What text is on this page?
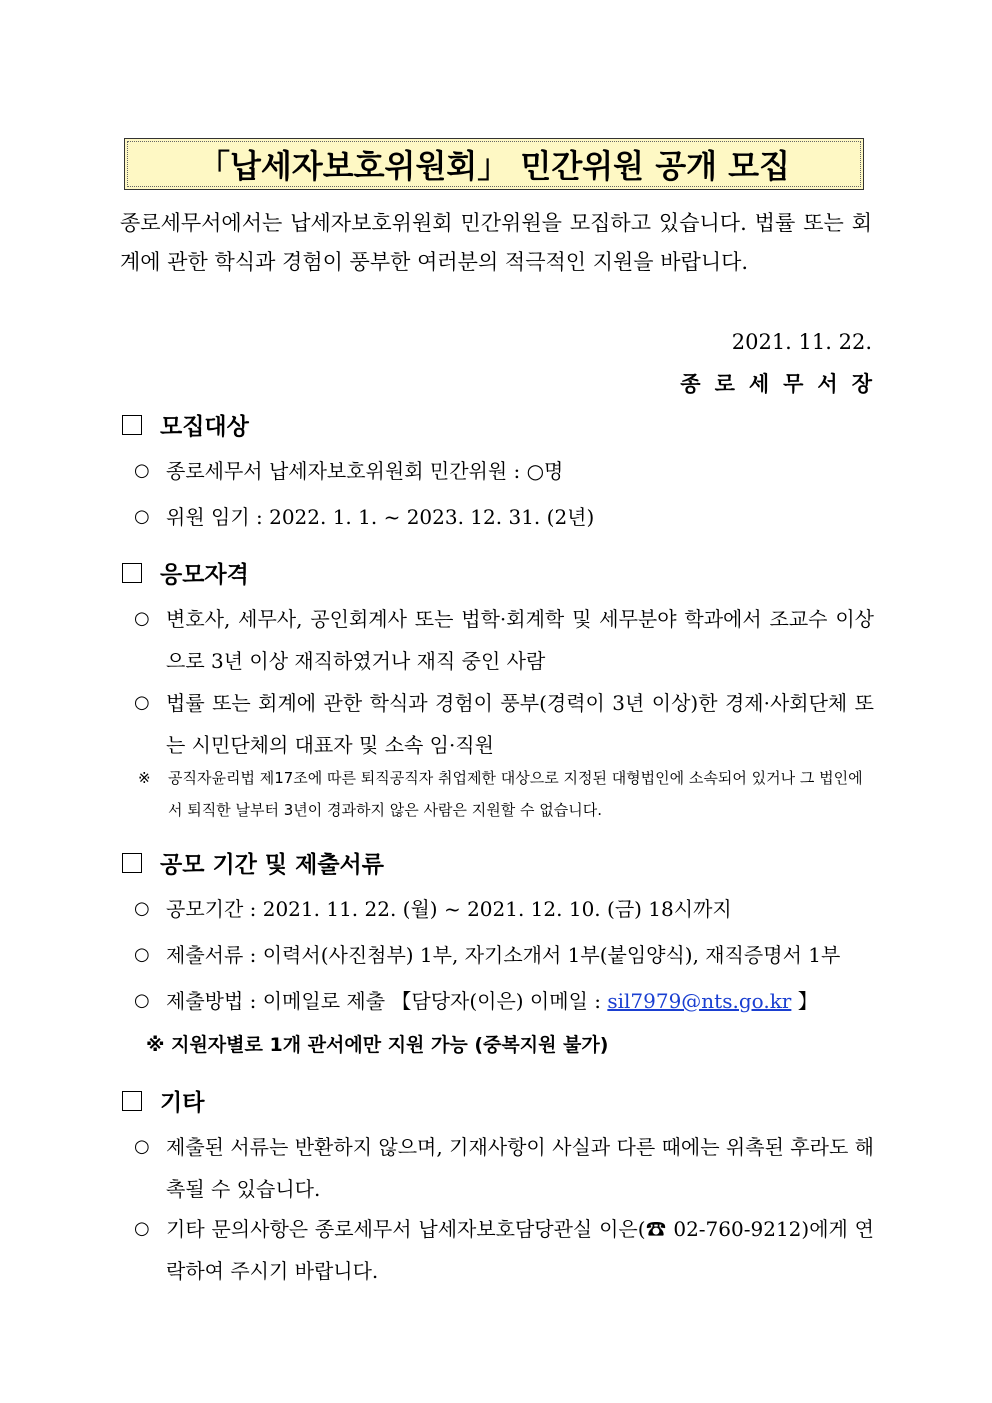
「납세자보호위원회」 민간위원 공개 모집
종로세무서에서는 납세자보호위원회 민간위원을 모집하고 있습니다. 법률 또는 회계에 관한 학식과 경험이 풍부한 여러분의 적극적인 지원을 바랍니다.
2021. 11. 22.
종로세무서장
모집대상
○ 종로세무서 납세자보호위원회 민간위원 : ○명
○ 위원 임기 : 2022. 1. 1. ~ 2023. 12. 31. (2년)
응모자격
○ 변호사, 세무사, 공인회계사 또는 법학·회계학 및 세무분야 학과에서 조교수 이상으로 3년 이상 재직하였거나 재직 중인 사람
○ 법률 또는 회계에 관한 학식과 경험이 풍부(경력이 3년 이상)한 경제·사회단체 또는 시민단체의 대표자 및 소속 임·직원
※	공직자윤리법 제17조에 따른 퇴직공직자 취업제한 대상으로 지정된 대형법인에 소속되어 있거나 그 법인에서 퇴직한 날부터 3년이 경과하지 않은 사람은 지원할 수 없습니다.
공모 기간 및 제출서류
○ 공모기간 : 2021. 11. 22. (월) ~ 2021. 12. 10. (금) 18시까지
○ 제출서류 : 이력서(사진첨부) 1부, 자기소개서 1부(붙임양식), 재직증명서 1부
○ 제출방법 : 이메일로 제출 【담당자(이은) 이메일 : sil7979@nts.go.kr 】
※ 지원자별로 1개 관서에만 지원 가능 (중복지원 불가)
기타
○ 제출된 서류는 반환하지 않으며, 기재사항이 사실과 다른 때에는 위촉된 후라도 해촉될 수 있습니다.
○ 기타 문의사항은 종로세무서 납세자보호담당관실 이은(☎ 02-760-9212)에게 연락하여 주시기 바랍니다.
